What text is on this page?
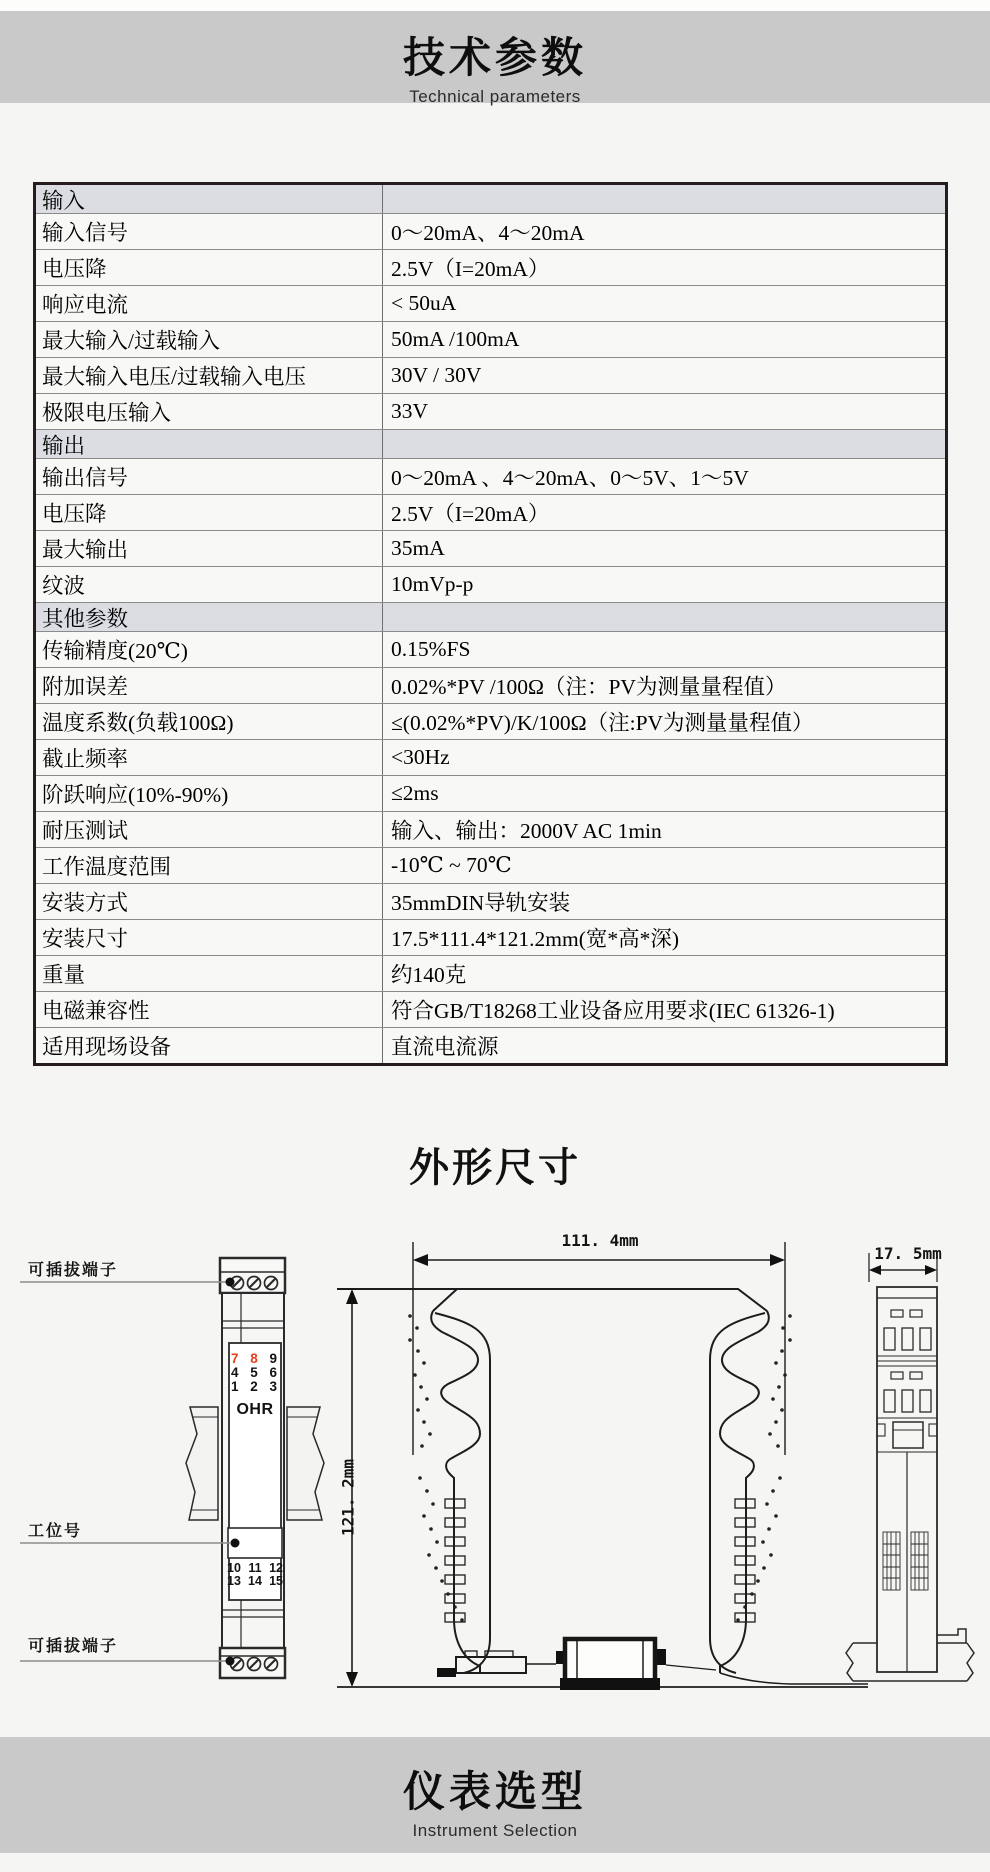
技术参数
Technical parameters
输入
输入信号	0～20mA、4～20mA
电压降	2.5V（I=20mA）
响应电流	< 50uA
最大输入/过载输入	50mA /100mA
最大输入电压/过载输入电压	30V / 30V
极限电压输入	33V
输出
输出信号	0～20mA 、4～20mA、0～5V、1～5V
电压降	2.5V（I=20mA）
最大输出	35mA
纹波	10mVp-p
其他参数
传输精度(20℃)	0.15%FS
附加误差	0.02%*PV /100Ω（注：PV为测量量程值）
温度系数(负载100Ω)	≤(0.02%*PV)/K/100Ω（注:PV为测量量程值）
截止频率	<30Hz
阶跃响应(10%-90%)	≤2ms
耐压测试	输入、输出：2000V AC 1min
工作温度范围	-10℃ ~ 70℃
安装方式	35mmDIN导轨安装
安装尺寸	17.5*111.4*121.2mm(宽*高*深)
重量	约140克
电磁兼容性	符合GB/T18268工业设备应用要求(IEC 61326-1)
适用现场设备	直流电流源
外形尺寸
可插拔端子
工位号
可插拔端子
7 8 9
4 5 6
1 2 3
OHR
10 11 12
13 14 15
111. 4mm
121. 2mm
17. 5mm
仪表选型
Instrument Selection
